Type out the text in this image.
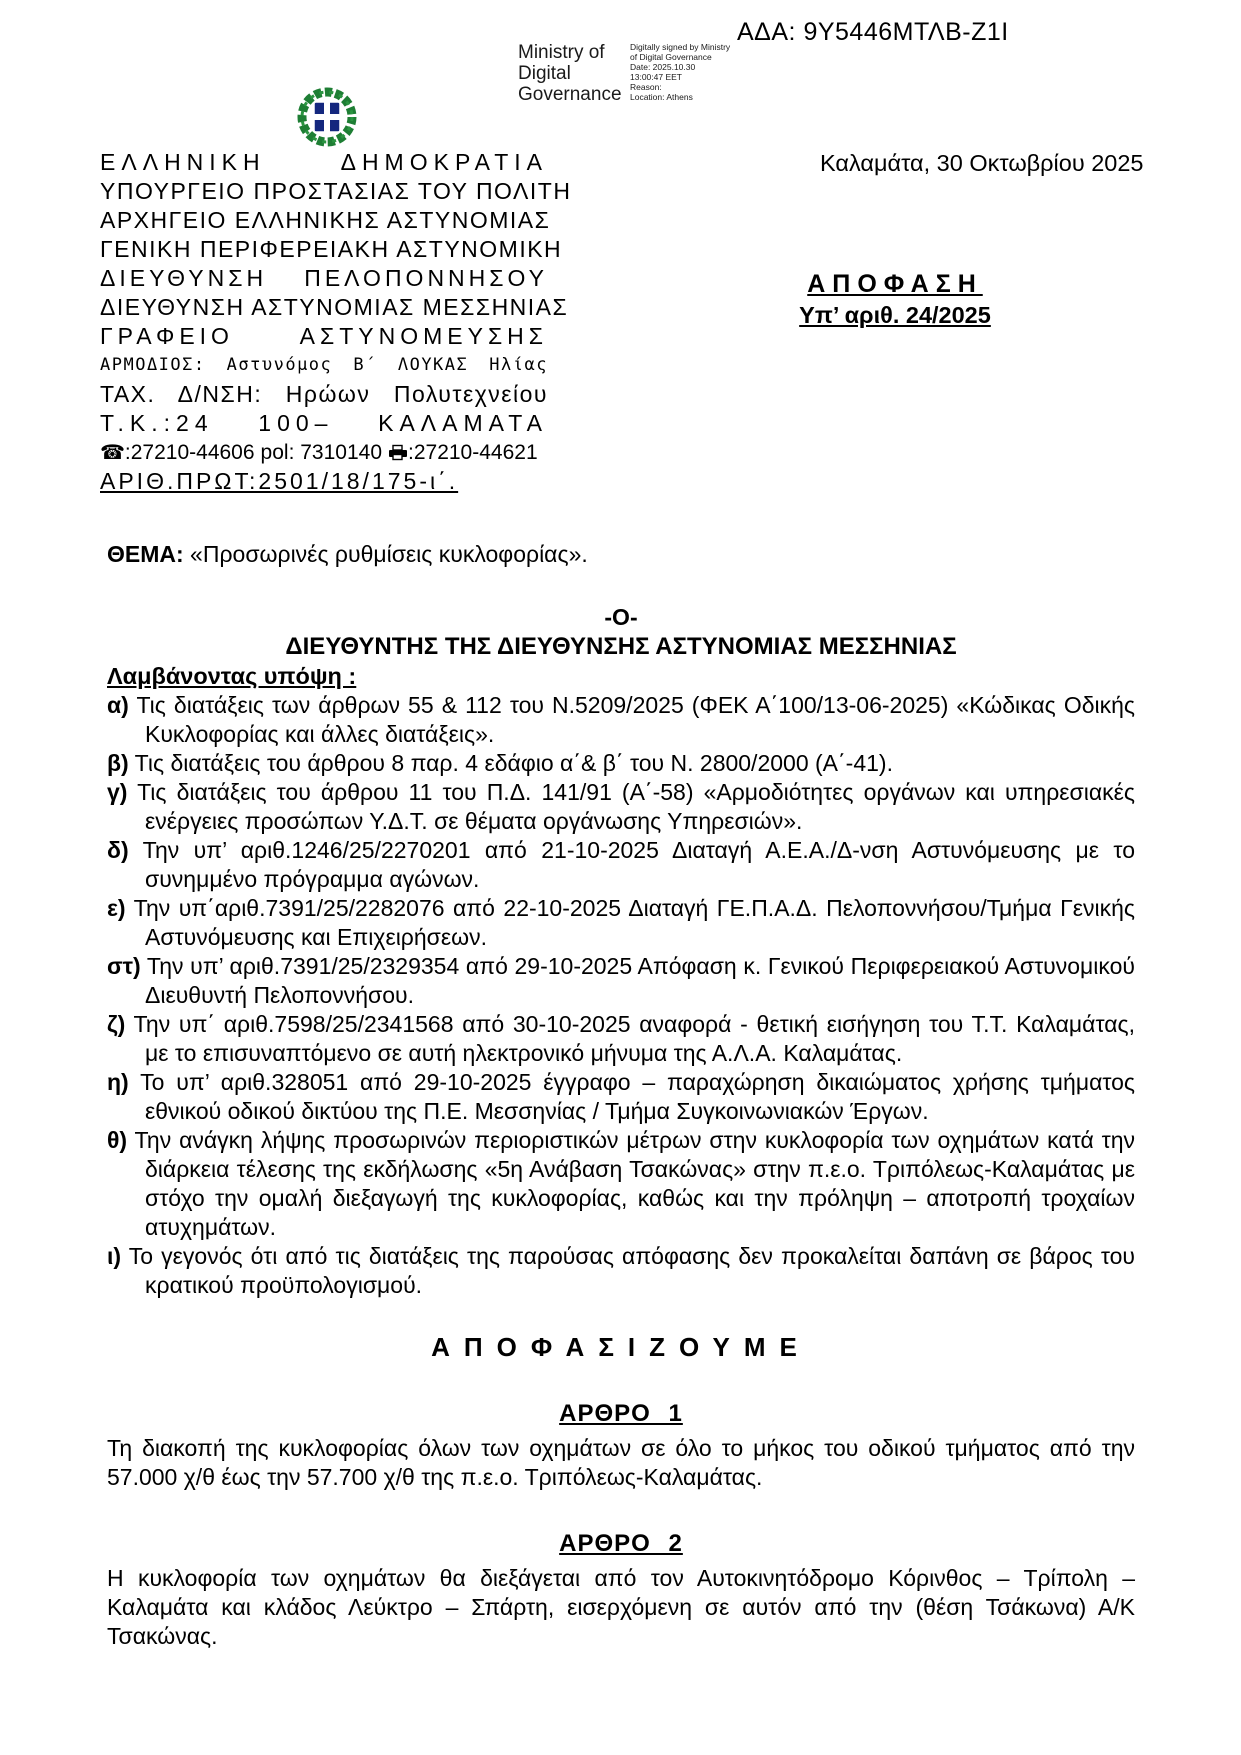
ΑΔΑ: 9Υ5446ΜΤΛΒ-Ζ1Ι
Ministry of
Digital
Governance
Digitally signed by Ministry
of Digital Governance
Date: 2025.10.30
13:00:47 EET
Reason:
Location: Athens
ΕΛΛΗΝΙΚΗ ΔΗΜΟΚΡΑΤΙΑ
ΥΠΟΥΡΓΕΙΟ ΠΡΟΣΤΑΣΙΑΣ ΤΟΥ ΠΟΛΙΤΗ
ΑΡΧΗΓΕΙΟ ΕΛΛΗΝΙΚΗΣ ΑΣΤΥΝΟΜΙΑΣ
ΓΕΝΙΚΗ ΠΕΡΙΦΕΡΕΙΑΚΗ ΑΣΤΥΝΟΜΙΚΗ
ΔΙΕΥΘΥΝΣΗ ΠΕΛΟΠΟΝΝΗΣΟΥ
ΔΙΕΥΘΥΝΣΗ ΑΣΤΥΝΟΜΙΑΣ ΜΕΣΣΗΝΙΑΣ
ΓΡΑΦΕΙΟ ΑΣΤΥΝΟΜΕΥΣΗΣ
ΑΡΜΟΔΙΟΣ: Αστυνόμος Β΄ ΛΟΥΚΑΣ Ηλίας
ΤΑΧ. Δ/ΝΣΗ: Ηρώων Πολυτεχνείου
Τ.Κ.:24 100– ΚΑΛΑΜΑΤΑ
☎:27210-44606 pol: 7310140 :27210-44621
ΑΡΙΘ.ΠΡΩΤ:2501/18/175-ι΄.
Καλαμάτα, 30 Οκτωβρίου 2025
ΑΠΟΦΑΣΗ
Υπ’ αριθ. 24/2025
ΘΕΜΑ: «Προσωρινές ρυθμίσεις κυκλοφορίας».
-Ο-
ΔΙΕΥΘΥΝΤΗΣ ΤΗΣ ΔΙΕΥΘΥΝΣΗΣ ΑΣΤΥΝΟΜΙΑΣ ΜΕΣΣΗΝΙΑΣ
Λαμβάνοντας υπόψη :
α) Τις διατάξεις των άρθρων 55 & 112 του Ν.5209/2025 (ΦΕΚ Α΄100/13-06-2025) «Κώδικας Οδικής Κυκλοφορίας και άλλες διατάξεις».
β) Τις διατάξεις του άρθρου 8 παρ. 4 εδάφιο α΄& β΄ του Ν. 2800/2000 (Α΄-41).
γ) Τις διατάξεις του άρθρου 11 του Π.Δ. 141/91 (Α΄-58) «Αρμοδιότητες οργάνων και υπηρεσιακές ενέργειες προσώπων Υ.Δ.Τ. σε θέματα οργάνωσης Υπηρεσιών».
δ) Την υπ’ αριθ.1246/25/2270201 από 21-10-2025 Διαταγή Α.Ε.Α./Δ-νση Αστυνόμευσης με το συνημμένο πρόγραμμα αγώνων.
ε) Την υπ΄αριθ.7391/25/2282076 από 22-10-2025 Διαταγή ΓΕ.Π.Α.Δ. Πελοποννήσου/Τμήμα Γενικής Αστυνόμευσης και Επιχειρήσεων.
στ) Την υπ’ αριθ.7391/25/2329354 από 29-10-2025 Απόφαση κ. Γενικού Περιφερειακού Αστυνομικού Διευθυντή Πελοποννήσου.
ζ) Την υπ΄ αριθ.7598/25/2341568 από 30-10-2025 αναφορά - θετική εισήγηση του Τ.Τ. Καλαμάτας, με το επισυναπτόμενο σε αυτή ηλεκτρονικό μήνυμα της Α.Λ.Α. Καλαμάτας.
η) Το υπ’ αριθ.328051 από 29-10-2025 έγγραφο – παραχώρηση δικαιώματος χρήσης τμήματος εθνικού οδικού δικτύου της Π.Ε. Μεσσηνίας / Τμήμα Συγκοινωνιακών Έργων.
θ) Την ανάγκη λήψης προσωρινών περιοριστικών μέτρων στην κυκλοφορία των οχημάτων κατά την διάρκεια τέλεσης της εκδήλωσης «5η Ανάβαση Τσακώνας» στην π.ε.ο. Τριπόλεως-Καλαμάτας με στόχο την ομαλή διεξαγωγή της κυκλοφορίας, καθώς και την πρόληψη – αποτροπή τροχαίων ατυχημάτων.
ι) Το γεγονός ότι από τις διατάξεις της παρούσας απόφασης δεν προκαλείται δαπάνη σε βάρος του κρατικού προϋπολογισμού.
ΑΠΟΦΑΣΙΖΟΥΜΕ
ΑΡΘΡΟ 1
Τη διακοπή της κυκλοφορίας όλων των οχημάτων σε όλο το μήκος του οδικού τμήματος από την 57.000 χ/θ έως την 57.700 χ/θ της π.ε.ο. Τριπόλεως-Καλαμάτας.
ΑΡΘΡΟ 2
Η κυκλοφορία των οχημάτων θα διεξάγεται από τον Αυτοκινητόδρομο Κόρινθος – Τρίπολη – Καλαμάτα και κλάδος Λεύκτρο – Σπάρτη, εισερχόμενη σε αυτόν από την (θέση Τσάκωνα) Α/Κ Τσακώνας.
